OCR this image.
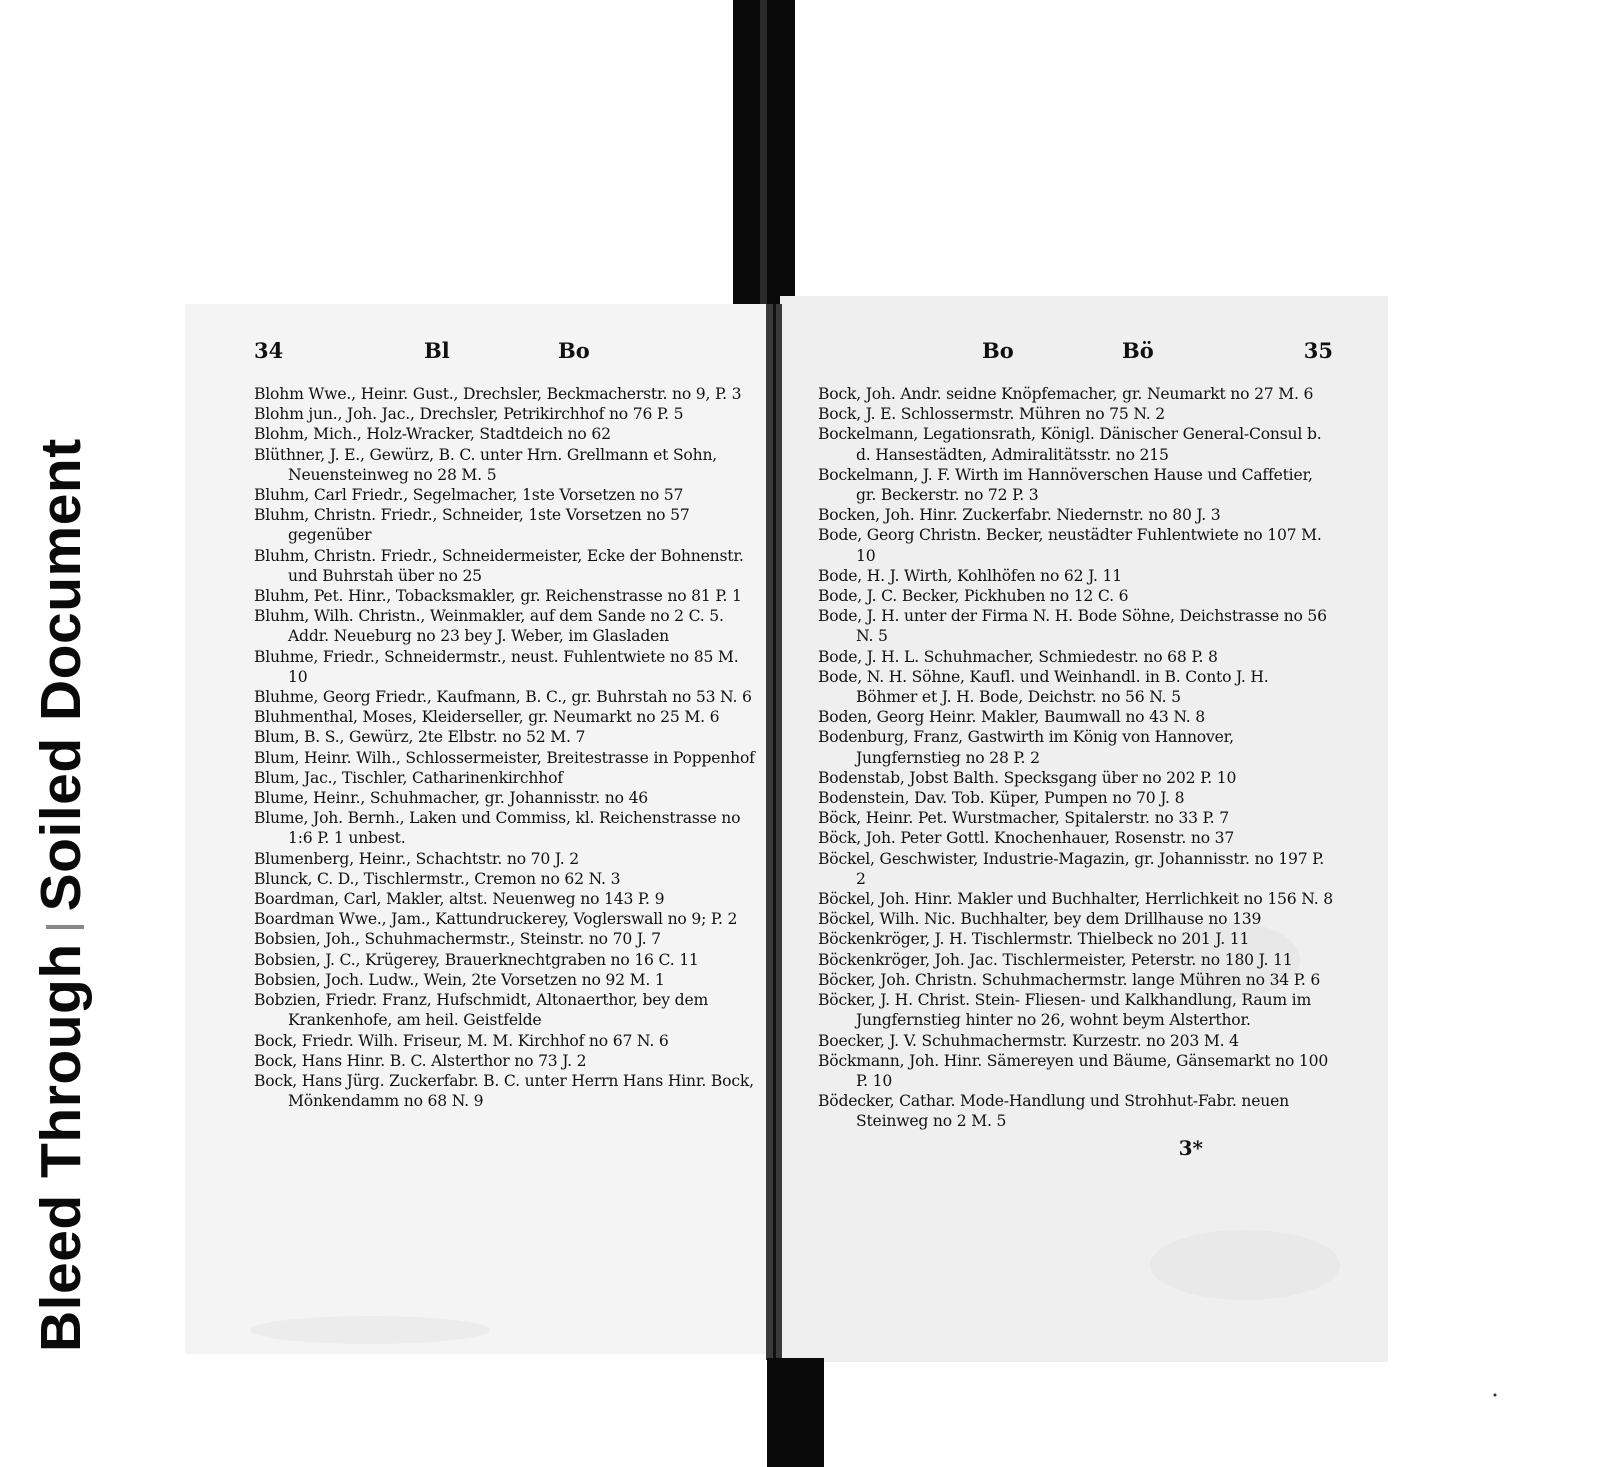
Bleed ThroughSoiled Document
34	Bl	Bo

Blohm Wwe., Heinr. Gust., Drechsler, Beckmacherstr. no 9, P. 3

Blohm jun., Joh. Jac., Drechsler, Petrikirchhof no 76 P. 5

Blohm, Mich., Holz-Wracker, Stadtdeich no 62

Blüthner, J. E., Gewürz, B. C. unter Hrn. Grellmann et Sohn, Neuensteinweg no 28 M. 5

Bluhm, Carl Friedr., Segelmacher, 1ste Vorsetzen no 57

Bluhm, Christn. Friedr., Schneider, 1ste Vorsetzen no 57 gegenüber

Bluhm, Christn. Friedr., Schneidermeister, Ecke der Bohnenstr. und Buhrstah über no 25

Bluhm, Pet. Hinr., Tobacksmakler, gr. Reichenstrasse no 81 P. 1

Bluhm, Wilh. Christn., Weinmakler, auf dem Sande no 2 C. 5. Addr. Neueburg no 23 bey J. Weber, im Glasladen

Bluhme, Friedr., Schneidermstr., neust. Fuhlentwiete no 85 M. 10

Bluhme, Georg Friedr., Kaufmann, B. C., gr. Buhrstah no 53 N. 6

Bluhmenthal, Moses, Kleiderseller, gr. Neumarkt no 25 M. 6

Blum, B. S., Gewürz, 2te Elbstr. no 52 M. 7

Blum, Heinr. Wilh., Schlossermeister, Breitestrasse in Poppenhof

Blum, Jac., Tischler, Catharinenkirchhof

Blume, Heinr., Schuhmacher, gr. Johannisstr. no 46

Blume, Joh. Bernh., Laken und Commiss, kl. Reichenstrasse no 1:6 P. 1 unbest.

Blumenberg, Heinr., Schachtstr. no 70 J. 2

Blunck, C. D., Tischlermstr., Cremon no 62 N. 3

Boardman, Carl, Makler, altst. Neuenweg no 143 P. 9

Boardman Wwe., Jam., Kattundruckerey, Voglerswall no 9; P. 2

Bobsien, Joh., Schuhmachermstr., Steinstr. no 70 J. 7

Bobsien, J. C., Krügerey, Brauerknechtgraben no 16 C. 11

Bobsien, Joch. Ludw., Wein, 2te Vorsetzen no 92 M. 1

Bobzien, Friedr. Franz, Hufschmidt, Altonaerthor, bey dem Krankenhofe, am heil. Geistfelde

Bock, Friedr. Wilh. Friseur, M. M. Kirchhof no 67 N. 6

Bock, Hans Hinr. B. C. Alsterthor no 73 J. 2

Bock, Hans Jürg. Zuckerfabr. B. C. unter Herrn Hans Hinr. Bock, Mönkendamm no 68 N. 9

Bo	Bö	35

Bock, Joh. Andr. seidne Knöpfemacher, gr. Neumarkt no 27 M. 6

Bock, J. E. Schlossermstr. Mühren no 75 N. 2

Bockelmann, Legationsrath, Königl. Dänischer General-Consul b. d. Hansestädten, Admiralitätsstr. no 215

Bockelmann, J. F. Wirth im Hannöverschen Hause und Caffetier, gr. Beckerstr. no 72 P. 3

Bocken, Joh. Hinr. Zuckerfabr. Niedernstr. no 80 J. 3

Bode, Georg Christn. Becker, neustädter Fuhlentwiete no 107 M. 10

Bode, H. J. Wirth, Kohlhöfen no 62 J. 11

Bode, J. C. Becker, Pickhuben no 12 C. 6

Bode, J. H. unter der Firma N. H. Bode Söhne, Deichstrasse no 56 N. 5

Bode, J. H. L. Schuhmacher, Schmiedestr. no 68 P. 8

Bode, N. H. Söhne, Kaufl. und Weinhandl. in B. Conto J. H. Böhmer et J. H. Bode, Deichstr. no 56 N. 5

Boden, Georg Heinr. Makler, Baumwall no 43 N. 8

Bodenburg, Franz, Gastwirth im König von Hannover, Jungfernstieg no 28 P. 2

Bodenstab, Jobst Balth. Specksgang über no 202 P. 10

Bodenstein, Dav. Tob. Küper, Pumpen no 70 J. 8

Böck, Heinr. Pet. Wurstmacher, Spitalerstr. no 33 P. 7

Böck, Joh. Peter Gottl. Knochenhauer, Rosenstr. no 37

Böckel, Geschwister, Industrie-Magazin, gr. Johannisstr. no 197 P. 2

Böckel, Joh. Hinr. Makler und Buchhalter, Herrlichkeit no 156 N. 8

Böckel, Wilh. Nic. Buchhalter, bey dem Drillhause no 139

Böckenkröger, J. H. Tischlermstr. Thielbeck no 201 J. 11

Böckenkröger, Joh. Jac. Tischlermeister, Peterstr. no 180 J. 11

Böcker, Joh. Christn. Schuhmachermstr. lange Mühren no 34 P. 6

Böcker, J. H. Christ. Stein- Fliesen- und Kalkhandlung, Raum im Jungfernstieg hinter no 26, wohnt beym Alsterthor.

Boecker, J. V. Schuhmachermstr. Kurzestr. no 203 M. 4

Böckmann, Joh. Hinr. Sämereyen und Bäume, Gänsemarkt no 100 P. 10

Bödecker, Cathar. Mode-Handlung und Strohhut-Fabr. neuen Steinweg no 2 M. 5

3*
